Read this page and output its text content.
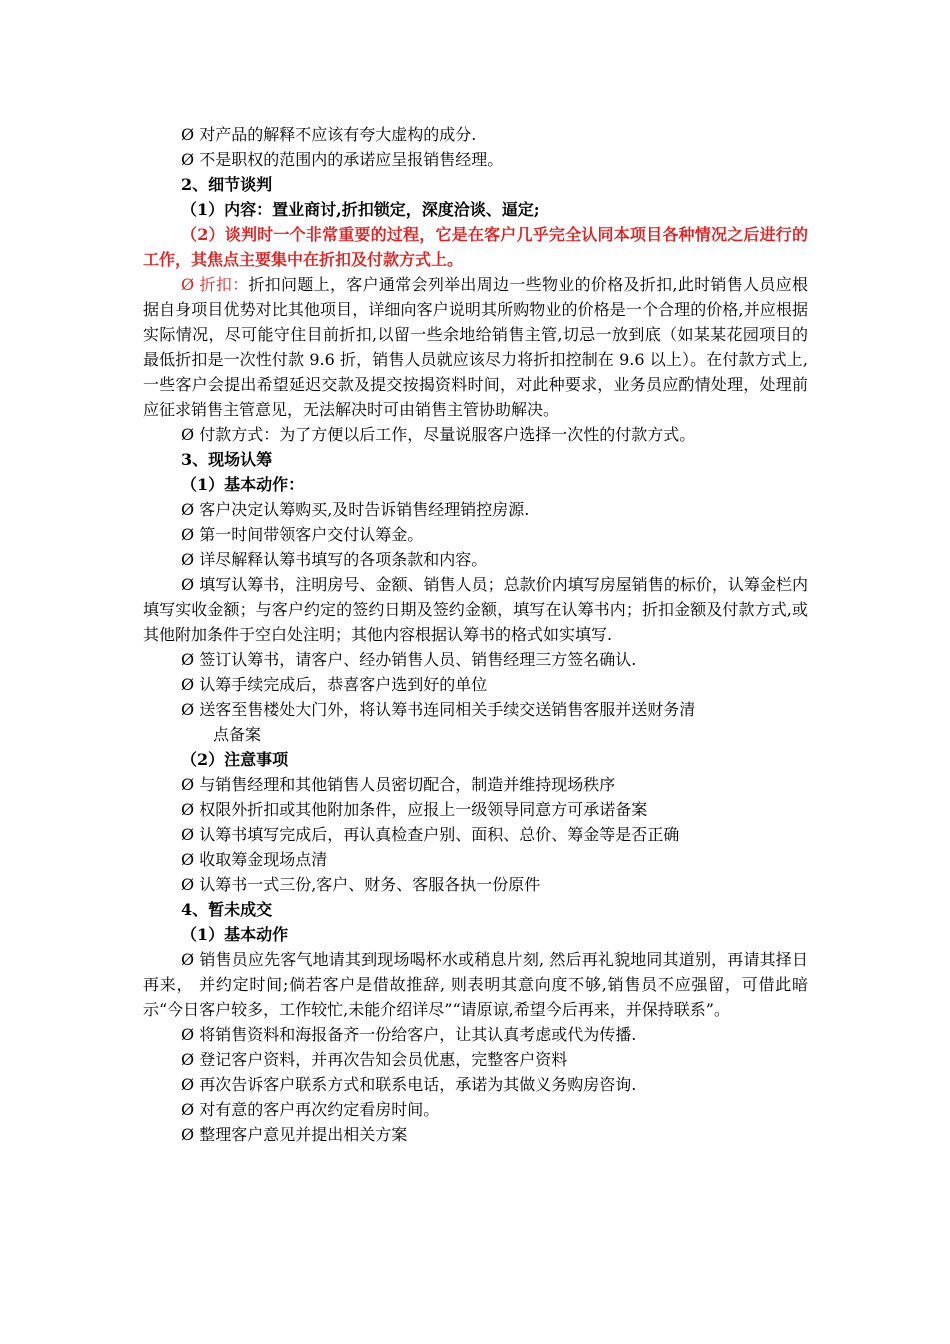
Ø 对产品的解释不应该有夸大虚构的成分.

Ø 不是职权的范围内的承诺应呈报销售经理。

2、细节谈判

（1）内容：置业商讨,折扣锁定，深度洽谈、逼定;

（2）谈判时一个非常重要的过程，它是在客户几乎完全认同本项目各种情况之后进行的工作，其焦点主要集中在折扣及付款方式上。

Ø 折扣：折扣问题上，客户通常会列举出周边一些物业的价格及折扣,此时销售人员应根据自身项目优势对比其他项目，详细向客户说明其所购物业的价格是一个合理的价格,并应根据实际情况，尽可能守住目前折扣,以留一些余地给销售主管,切忌一放到底（如某某花园项目的最低折扣是一次性付款 9.6 折，销售人员就应该尽力将折扣控制在 9.6 以上）。在付款方式上,一些客户会提出希望延迟交款及提交按揭资料时间，对此种要求，业务员应酌情处理，处理前应征求销售主管意见，无法解决时可由销售主管协助解决。

Ø 付款方式：为了方便以后工作，尽量说服客户选择一次性的付款方式。

3、现场认筹

（1）基本动作：

Ø 客户决定认筹购买,及时告诉销售经理销控房源.

Ø 第一时间带领客户交付认筹金。

Ø 详尽解释认筹书填写的各项条款和内容。

Ø 填写认筹书，注明房号、金额、销售人员；总款价内填写房屋销售的标价，认筹金栏内填写实收金额；与客户约定的签约日期及签约金额，填写在认筹书内；折扣金额及付款方式,或其他附加条件于空白处注明；其他内容根据认筹书的格式如实填写.

Ø 签订认筹书，请客户、经办销售人员、销售经理三方签名确认.

Ø 认筹手续完成后，恭喜客户选到好的单位

Ø 送客至售楼处大门外，将认筹书连同相关手续交送销售客服并送财务清

点备案

（2）注意事项

Ø 与销售经理和其他销售人员密切配合，制造并维持现场秩序

Ø 权限外折扣或其他附加条件，应报上一级领导同意方可承诺备案

Ø 认筹书填写完成后，再认真检查户别、面积、总价、筹金等是否正确

Ø 收取筹金现场点清

Ø 认筹书一式三份,客户、财务、客服各执一份原件

4、暂未成交

（1）基本动作

Ø 销售员应先客气地请其到现场喝杯水或稍息片刻, 然后再礼貌地同其道别，再请其择日再来， 并约定时间;倘若客户是借故推辞, 则表明其意向度不够,销售员不应强留，可借此暗示“今日客户较多，工作较忙,未能介绍详尽”“请原谅,希望今后再来，并保持联系”。

Ø 将销售资料和海报备齐一份给客户，让其认真考虑或代为传播.

Ø 登记客户资料，并再次告知会员优惠，完整客户资料

Ø 再次告诉客户联系方式和联系电话，承诺为其做义务购房咨询.

Ø 对有意的客户再次约定看房时间。

Ø 整理客户意见并提出相关方案
